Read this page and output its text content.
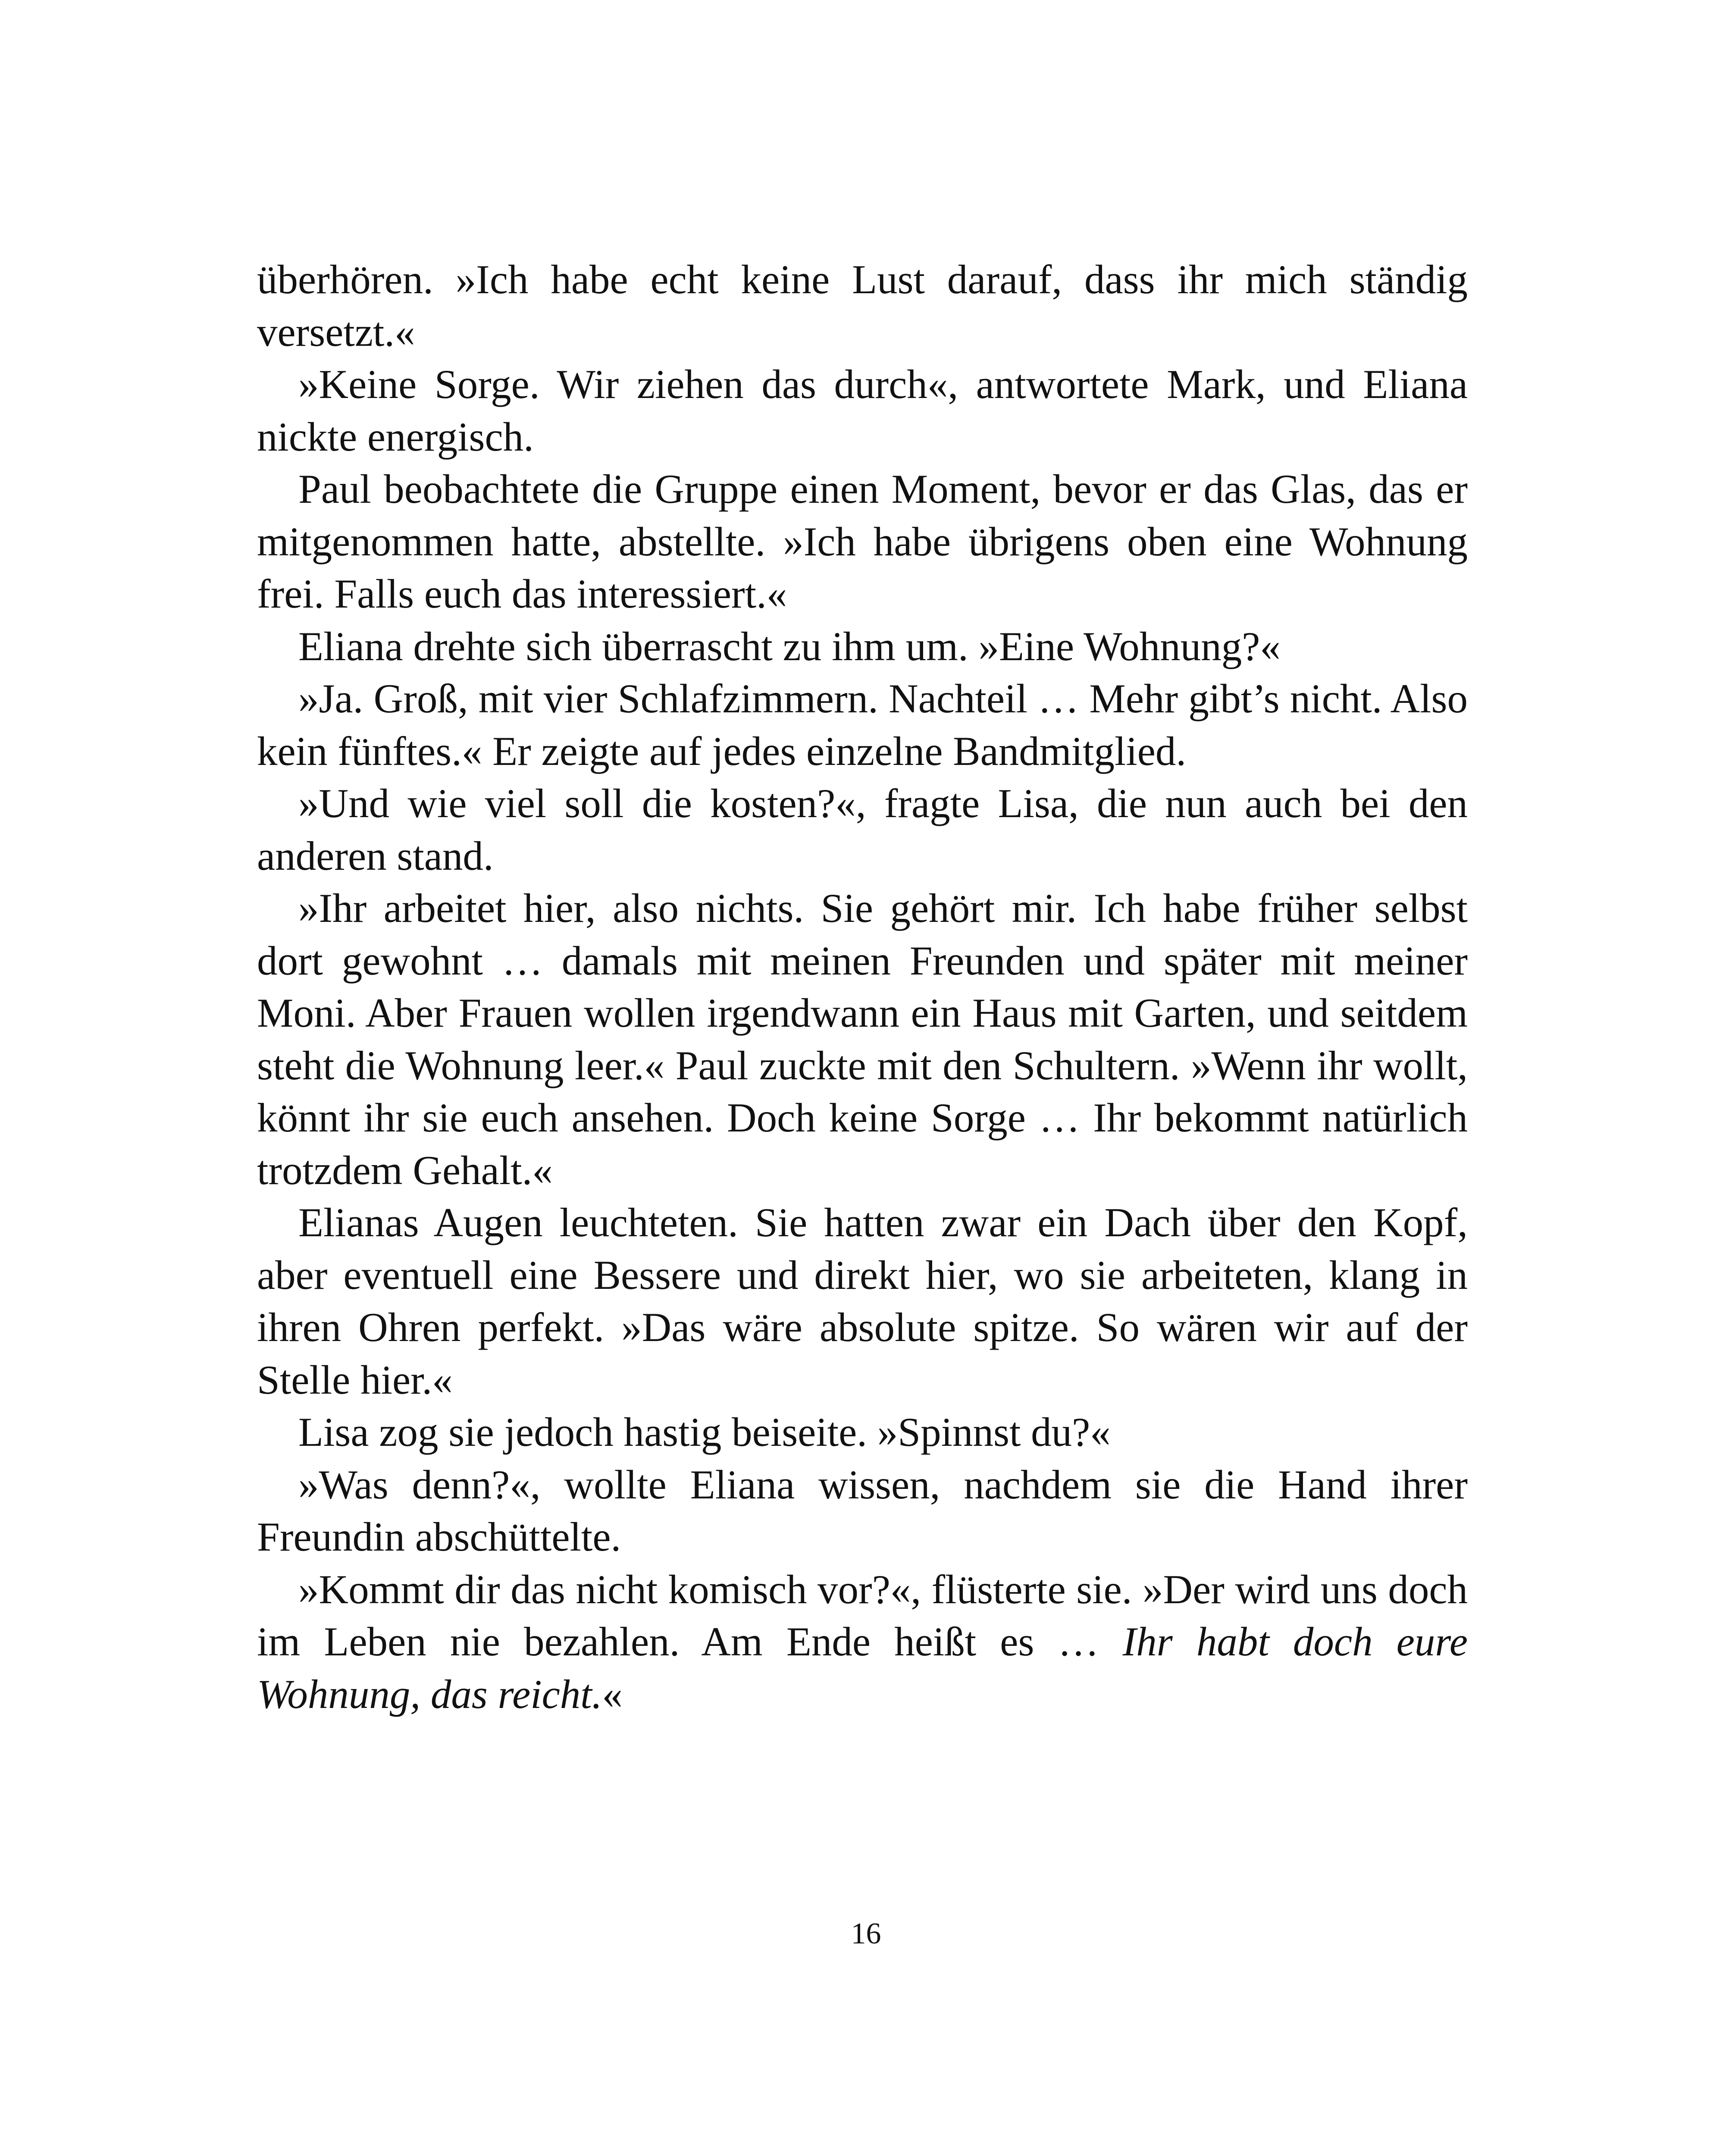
überhören. »Ich habe echt keine Lust darauf, dass ihr mich ständig versetzt.«

»Keine Sorge. Wir ziehen das durch«, antwortete Mark, und Eliana nickte energisch.

Paul beobachtete die Gruppe einen Moment, bevor er das Glas, das er mitgenommen hatte, abstellte. »Ich habe übrigens oben eine Wohnung frei. Falls euch das interessiert.«

Eliana drehte sich überrascht zu ihm um. »Eine Wohnung?«

»Ja. Groß, mit vier Schlafzimmern. Nachteil … Mehr gibt’s nicht. Also kein fünftes.« Er zeigte auf jedes einzelne Bandmitglied.

»Und wie viel soll die kosten?«, fragte Lisa, die nun auch bei den anderen stand.

»Ihr arbeitet hier, also nichts. Sie gehört mir. Ich habe früher selbst dort gewohnt … damals mit meinen Freunden und später mit meiner Moni. Aber Frauen wollen irgendwann ein Haus mit Garten, und seitdem steht die Wohnung leer.« Paul zuckte mit den Schultern. »Wenn ihr wollt, könnt ihr sie euch ansehen. Doch keine Sorge … Ihr bekommt natürlich trotzdem Gehalt.«

Elianas Augen leuchteten. Sie hatten zwar ein Dach über den Kopf, aber eventuell eine Bessere und direkt hier, wo sie arbeiteten, klang in ihren Ohren perfekt. »Das wäre absolute spitze. So wären wir auf der Stelle hier.«

Lisa zog sie jedoch hastig beiseite. »Spinnst du?«

»Was denn?«, wollte Eliana wissen, nachdem sie die Hand ihrer Freundin abschüttelte.

»Kommt dir das nicht komisch vor?«, flüsterte sie. »Der wird uns doch im Leben nie bezahlen. Am Ende heißt es … Ihr habt doch eure Wohnung, das reicht.«

16
